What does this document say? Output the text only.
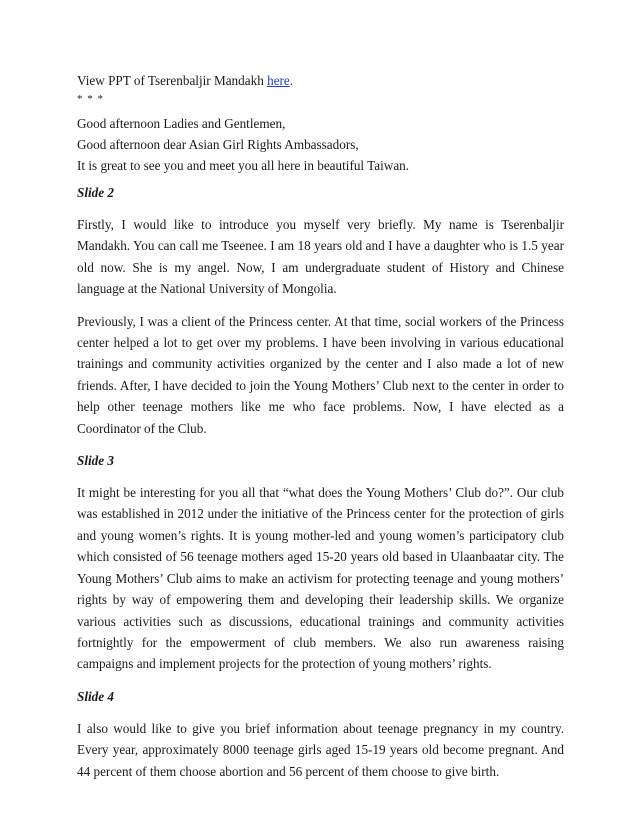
View PPT of Tserenbaljir Mandakh here.

* * *

Good afternoon Ladies and Gentlemen,

Good afternoon dear Asian Girl Rights Ambassadors,

It is great to see you and meet you all here in beautiful Taiwan.

Slide 2

Firstly, I would like to introduce you myself very briefly. My name is Tserenbaljir Mandakh. You can call me Tseenee. I am 18 years old and I have a daughter who is 1.5 year old now. She is my angel. Now, I am undergraduate student of History and Chinese language at the National University of Mongolia.

Previously, I was a client of the Princess center. At that time, social workers of the Princess center helped a lot to get over my problems. I have been involving in various educational trainings and community activities organized by the center and I also made a lot of new friends. After, I have decided to join the Young Mothers’ Club next to the center in order to help other teenage mothers like me who face problems. Now, I have elected as a Coordinator of the Club.

Slide 3

It might be interesting for you all that “what does the Young Mothers’ Club do?”. Our club was established in 2012 under the initiative of the Princess center for the protection of girls and young women’s rights. It is young mother-led and young women’s participatory club which consisted of 56 teenage mothers aged 15-20 years old based in Ulaanbaatar city. The Young Mothers’ Club aims to make an activism for protecting teenage and young mothers’ rights by way of empowering them and developing their leadership skills. We organize various activities such as discussions, educational trainings and community activities fortnightly for the empowerment of club members. We also run awareness raising campaigns and implement projects for the protection of young mothers’ rights.

Slide 4

I also would like to give you brief information about teenage pregnancy in my country. Every year, approximately 8000 teenage girls aged 15-19 years old become pregnant. And 44 percent of them choose abortion and 56 percent of them choose to give birth.
